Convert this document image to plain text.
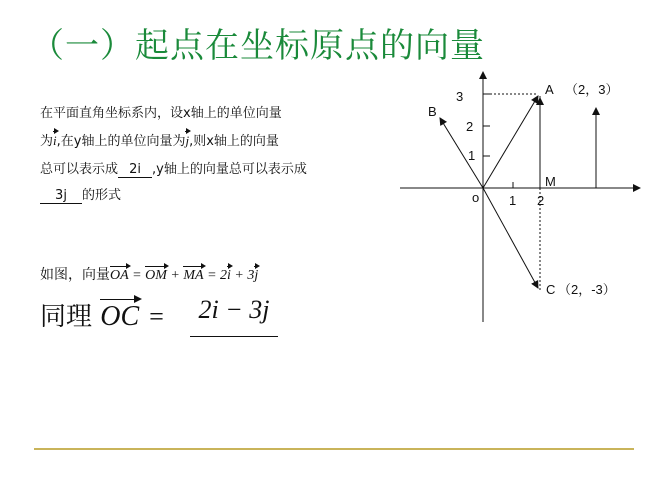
（一）起点在坐标原点的向量
在平面直角坐标系内，设x轴上的单位向量
为i,在y轴上的单位向量为j,则x轴上的向量
总可以表示成 2i ,y轴上的向量总可以表示成
3j 的形式
如图，向量OA = OM + MA = 2i + 3j
同理 OC =	2i − 3j
A （2，3）
B
C （2，-3）
M
o 1 2
1
2
3
